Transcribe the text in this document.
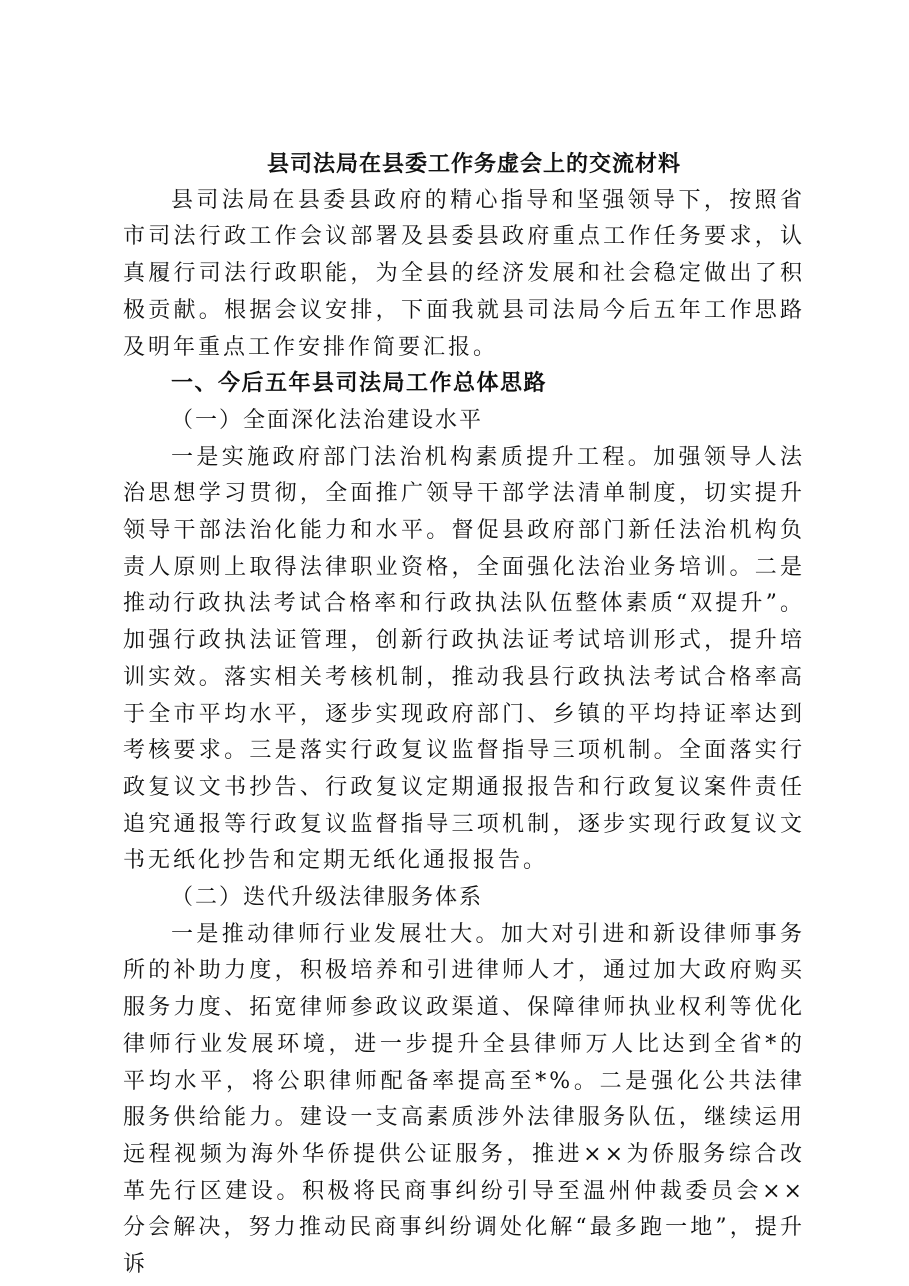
县司法局在县委工作务虚会上的交流材料

县司法局在县委县政府的精心指导和坚强领导下，按照省市司法行政工作会议部署及县委县政府重点工作任务要求，认真履行司法行政职能，为全县的经济发展和社会稳定做出了积极贡献。根据会议安排，下面我就县司法局今后五年工作思路及明年重点工作安排作简要汇报。

一、今后五年县司法局工作总体思路

（一）全面深化法治建设水平

一是实施政府部门法治机构素质提升工程。加强领导人法治思想学习贯彻，全面推广领导干部学法清单制度，切实提升领导干部法治化能力和水平。督促县政府部门新任法治机构负责人原则上取得法律职业资格，全面强化法治业务培训。二是推动行政执法考试合格率和行政执法队伍整体素质“双提升”。加强行政执法证管理，创新行政执法证考试培训形式，提升培训实效。落实相关考核机制，推动我县行政执法考试合格率高于全市平均水平，逐步实现政府部门、乡镇的平均持证率达到考核要求。三是落实行政复议监督指导三项机制。全面落实行政复议文书抄告、行政复议定期通报报告和行政复议案件责任追究通报等行政复议监督指导三项机制，逐步实现行政复议文书无纸化抄告和定期无纸化通报报告。

（二）迭代升级法律服务体系

一是推动律师行业发展壮大。加大对引进和新设律师事务所的补助力度，积极培养和引进律师人才，通过加大政府购买服务力度、拓宽律师参政议政渠道、保障律师执业权利等优化律师行业发展环境，进一步提升全县律师万人比达到全省*的平均水平，将公职律师配备率提高至*%。二是强化公共法律服务供给能力。建设一支高素质涉外法律服务队伍，继续运用远程视频为海外华侨提供公证服务，推进××为侨服务综合改革先行区建设。积极将民商事纠纷引导至温州仲裁委员会××分会解决，努力推动民商事纠纷调处化解“最多跑一地”，提升诉
